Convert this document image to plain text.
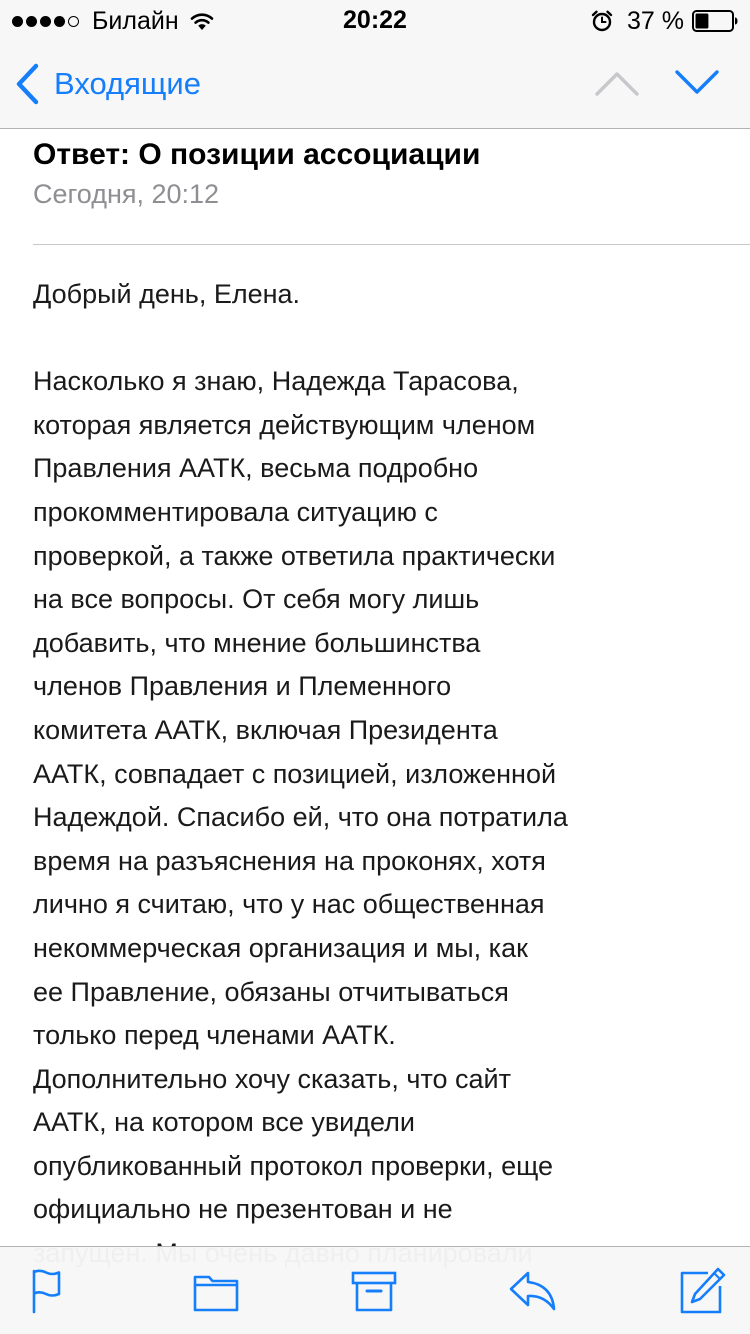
Билайн	20:22	37 %
Входящие
Ответ: О позиции ассоциации
Сегодня, 20:12

Добрый день, Елена.

Насколько я знаю, Надежда Тарасова,
которая является действующим членом
Правления ААТК, весьма подробно
прокомментировала ситуацию с
проверкой, а также ответила практически
на все вопросы. От себя могу лишь
добавить, что мнение большинства
членов Правления и Племенного
комитета ААТК, включая Президента
ААТК, совпадает с позицией, изложенной
Надеждой. Спасибо ей, что она потратила
время на разъяснения на проконях, хотя
лично я считаю, что у нас общественная
некоммерческая организация и мы, как
ее Правление, обязаны отчитываться
только перед членами ААТК.
Дополнительно хочу сказать, что сайт
ААТК, на котором все увидели
опубликованный протокол проверки, еще
официально не презентован и не
